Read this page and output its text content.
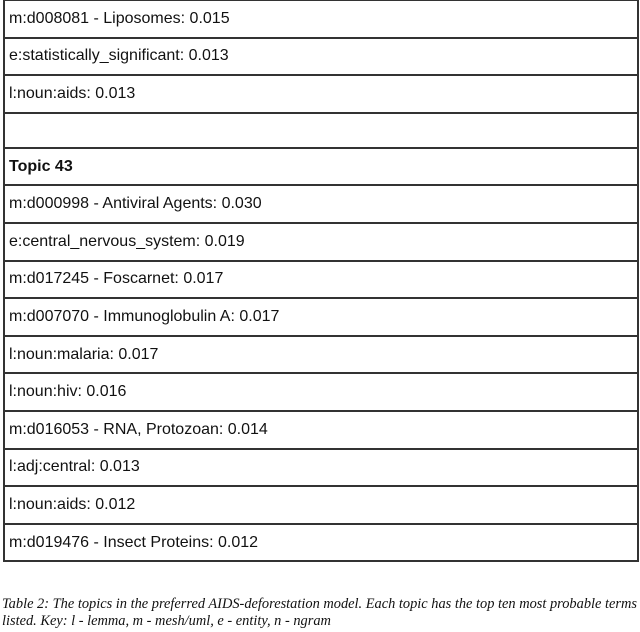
m:d008081 - Liposomes: 0.015
e:statistically_significant: 0.013
l:noun:aids: 0.013

Topic 43
m:d000998 - Antiviral Agents: 0.030
e:central_nervous_system: 0.019
m:d017245 - Foscarnet: 0.017
m:d007070 - Immunoglobulin A: 0.017
l:noun:malaria: 0.017
l:noun:hiv: 0.016
m:d016053 - RNA, Protozoan: 0.014
l:adj:central: 0.013
l:noun:aids: 0.012
m:d019476 - Insect Proteins: 0.012
Table 2: The topics in the preferred AIDS-deforestation model. Each topic has the top ten most probable terms listed. Key: l - lemma, m - mesh/uml, e - entity, n - ngram
